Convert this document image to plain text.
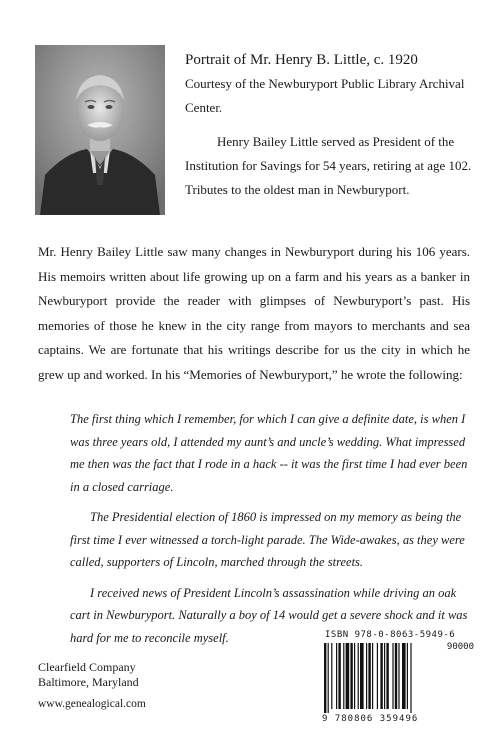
Portrait of Mr. Henry B. Little, c. 1920
Courtesy of the Newburyport Public Library Archival Center.
Henry Bailey Little served as President of the Institution for Savings for 54 years, retiring at age 102. Tributes to the oldest man in Newburyport.
Mr. Henry Bailey Little saw many changes in Newburyport during his 106 years. His memoirs written about life growing up on a farm and his years as a banker in Newburyport provide the reader with glimpses of Newburyport’s past. His memories of those he knew in the city range from mayors to merchants and sea captains. We are fortunate that his writings describe for us the city in which he grew up and worked. In his “Memories of Newburyport,” he wrote the following:

The first thing which I remember, for which I can give a definite date, is when I was three years old, I attended my aunt’s and uncle’s wedding. What impressed me then was the fact that I rode in a hack -- it was the first time I had ever been in a closed carriage.

The Presidential election of 1860 is impressed on my memory as being the first time I ever witnessed a torch-light parade. The Wide-awakes, as they were called, supporters of Lincoln, marched through the streets.

I received news of President Lincoln’s assassination while driving an oak cart in Newburyport. Naturally a boy of 14 would get a severe shock and it was hard for me to reconcile myself.

Clearfield Company
Baltimore, Maryland
www.genealogical.com
ISBN 978-0-8063-5949-6
90000
9 780806 359496
